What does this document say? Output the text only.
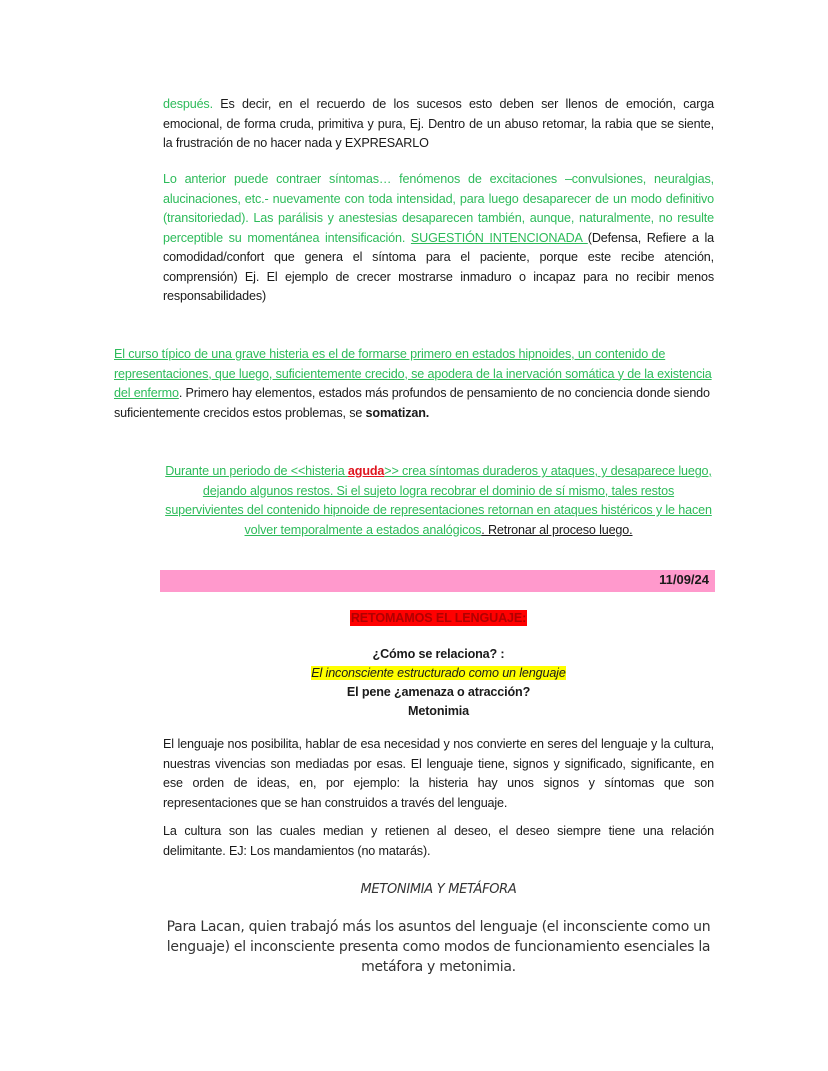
después. Es decir, en el recuerdo de los sucesos esto deben ser llenos de emoción, carga emocional, de forma cruda, primitiva y pura, Ej. Dentro de un abuso retomar, la rabia que se siente, la frustración de no hacer nada y EXPRESARLO
Lo anterior puede contraer síntomas… fenómenos de excitaciones –convulsiones, neuralgias, alucinaciones, etc.- nuevamente con toda intensidad, para luego desaparecer de un modo definitivo (transitoriedad). Las parálisis y anestesias desaparecen también, aunque, naturalmente, no resulte perceptible su momentánea intensificación. SUGESTIÓN INTENCIONADA (Defensa, Refiere a la comodidad/confort que genera el síntoma para el paciente, porque este recibe atención, comprensión) Ej. El ejemplo de crecer mostrarse inmaduro o incapaz para no recibir menos responsabilidades)
El curso típico de una grave histeria es el de formarse primero en estados hipnoides, un contenido de representaciones, que luego, suficientemente crecido, se apodera de la inervación somática y de la existencia del enfermo. Primero hay elementos, estados más profundos de pensamiento de no conciencia donde siendo suficientemente crecidos estos problemas, se somatizan.
Durante un periodo de <<histeria aguda>> crea síntomas duraderos y ataques, y desaparece luego, dejando algunos restos. Si el sujeto logra recobrar el dominio de sí mismo, tales restos supervivientes del contenido hipnoide de representaciones retornan en ataques histéricos y le hacen volver temporalmente a estados analógicos. Retronar al proceso luego.
11/09/24
RETOMAMOS EL LENGUAJE:
¿Cómo se relaciona? :
El inconsciente estructurado como un lenguaje
El pene ¿amenaza o atracción?
Metonimia
El lenguaje nos posibilita, hablar de esa necesidad y nos convierte en seres del lenguaje y la cultura, nuestras vivencias son mediadas por esas. El lenguaje tiene, signos y significado, significante, en ese orden de ideas, en, por ejemplo: la histeria hay unos signos y síntomas que son representaciones que se han construidos a través del lenguaje.
La cultura son las cuales median y retienen al deseo, el deseo siempre tiene una relación delimitante. EJ: Los mandamientos (no matarás).
METONIMIA Y METÁFORA
Para Lacan, quien trabajó más los asuntos del lenguaje (el inconsciente como un lenguaje) el inconsciente presenta como modos de funcionamiento esenciales la metáfora y metonimia.
